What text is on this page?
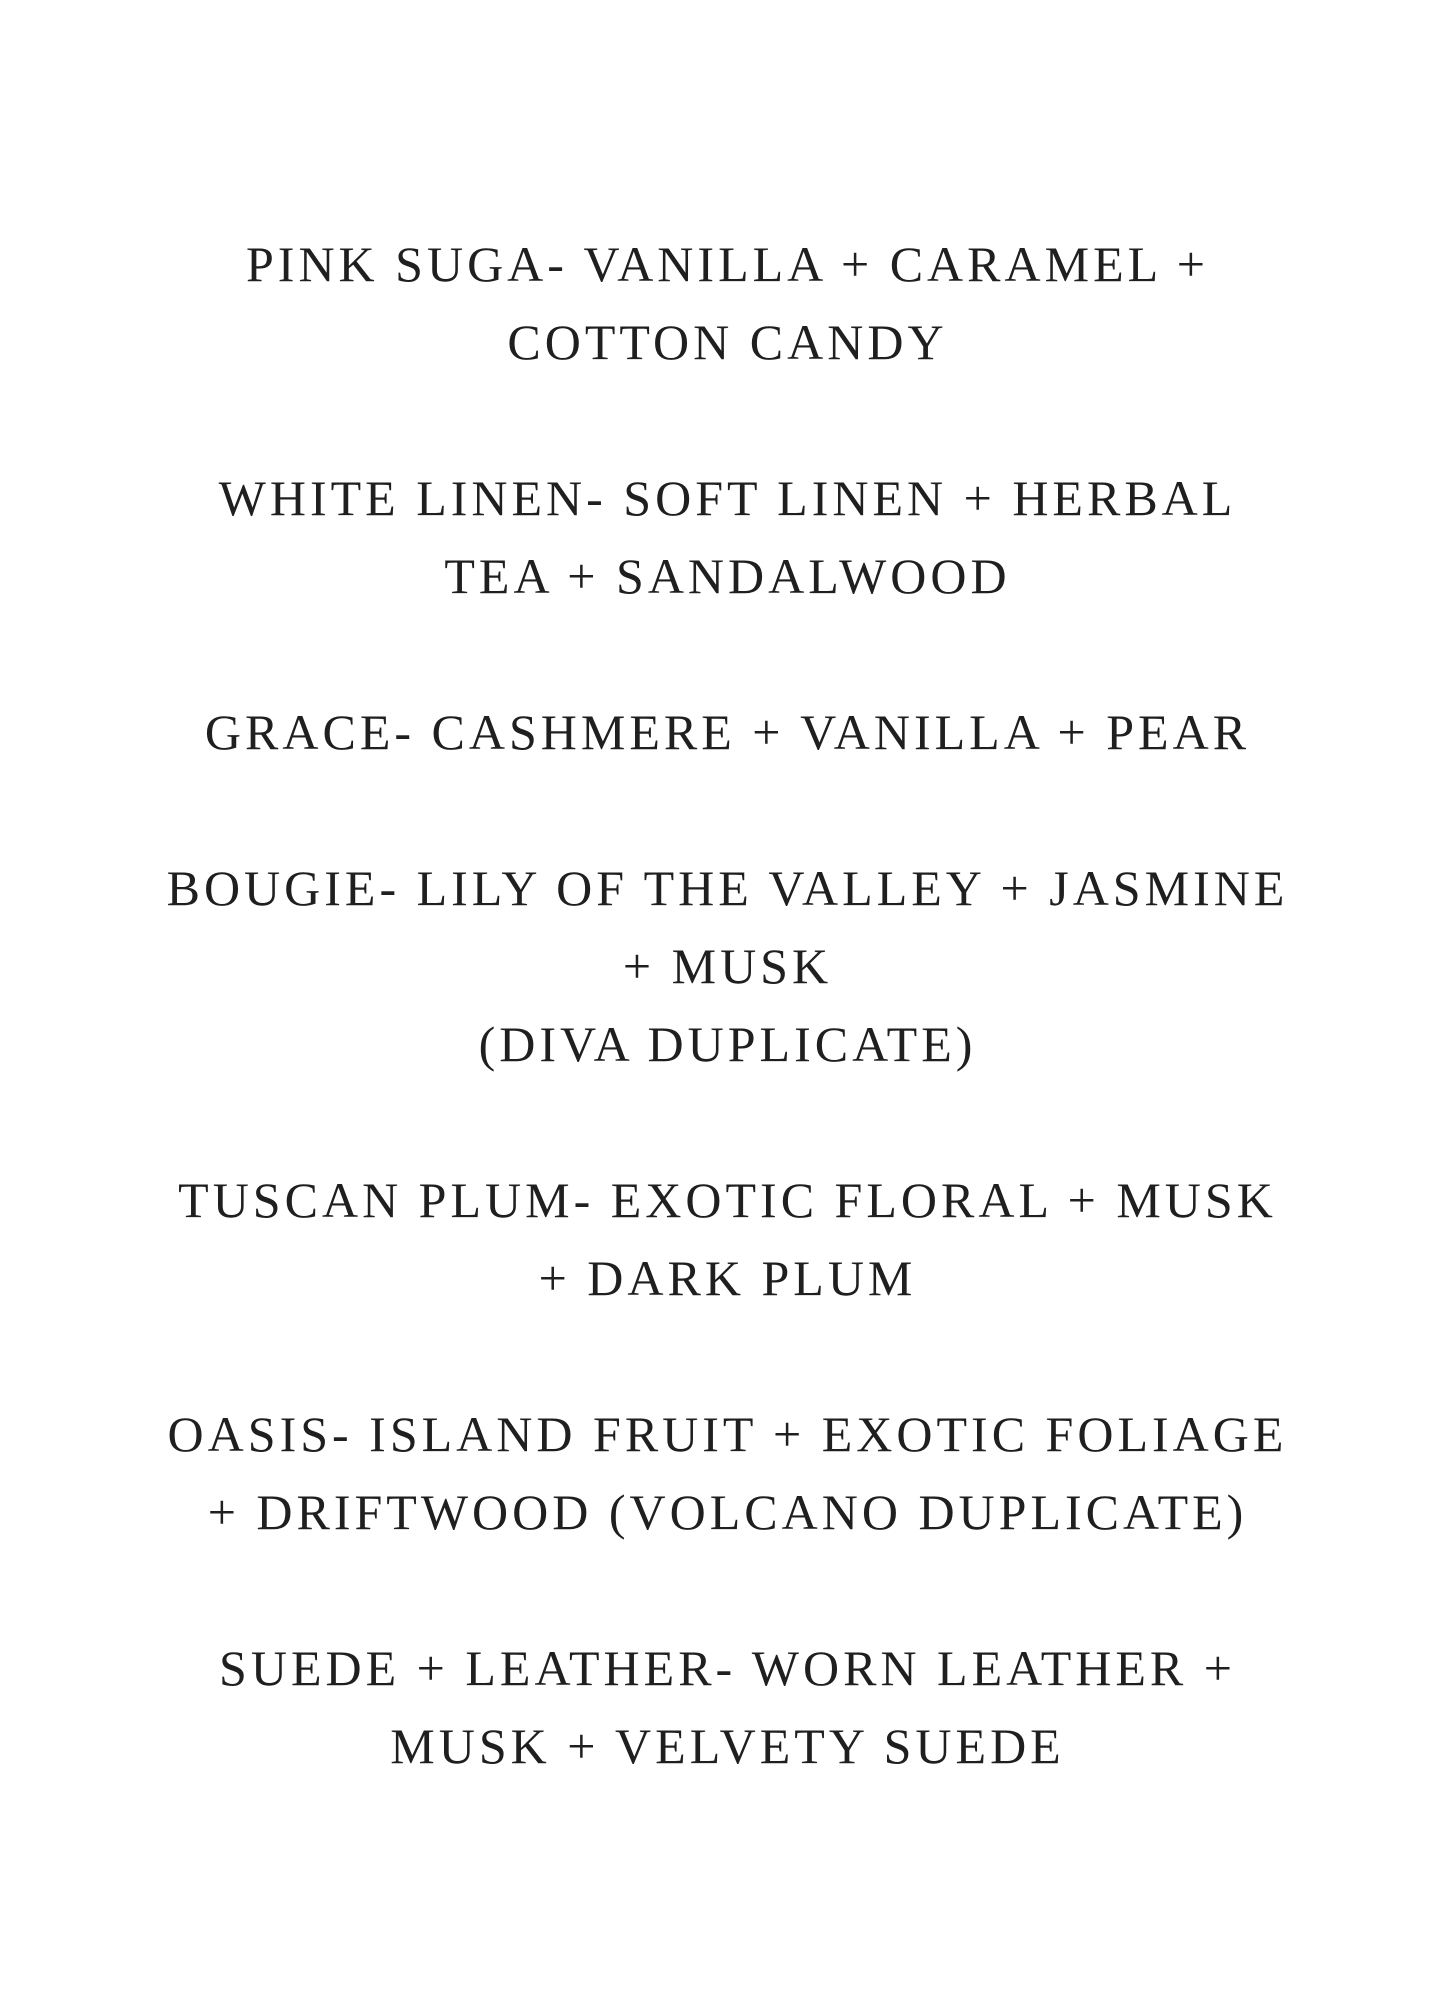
PINK SUGA- VANILLA + CARAMEL +
COTTON CANDY
WHITE LINEN- SOFT LINEN + HERBAL
TEA + SANDALWOOD
GRACE- CASHMERE + VANILLA + PEAR
BOUGIE- LILY OF THE VALLEY + JASMINE
+ MUSK
(DIVA DUPLICATE)
TUSCAN PLUM- EXOTIC FLORAL + MUSK
+ DARK PLUM
OASIS- ISLAND FRUIT + EXOTIC FOLIAGE
+ DRIFTWOOD (VOLCANO DUPLICATE)
SUEDE + LEATHER- WORN LEATHER +
MUSK + VELVETY SUEDE
